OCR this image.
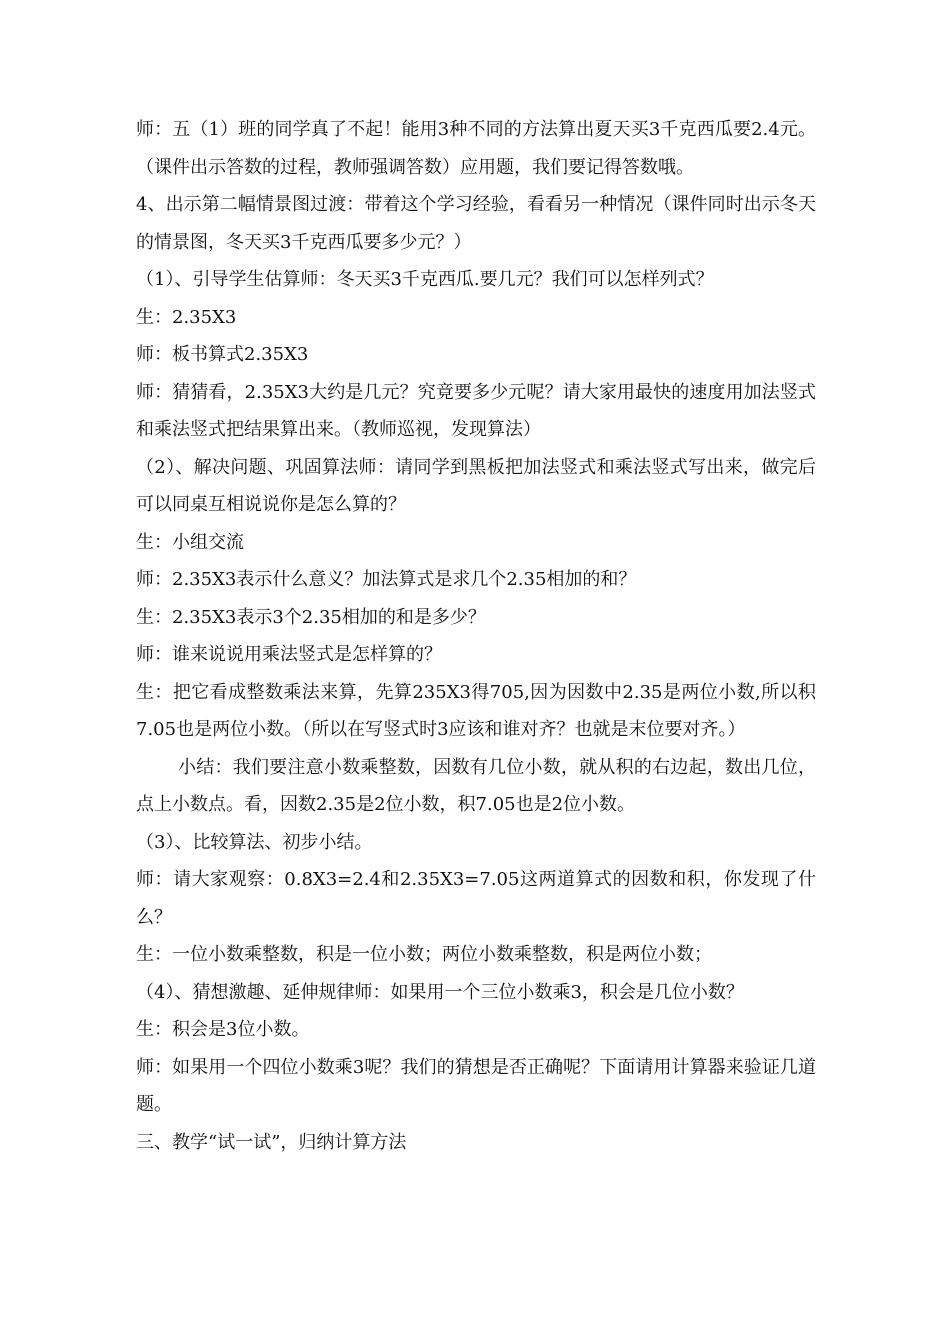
师：五（1）班的同学真了不起！能用3种不同的方法算出夏天买3千克西瓜要2.4元。（课件出示答数的过程，教师强调答数）应用题，我们要记得答数哦。

4、出示第二幅情景图过渡：带着这个学习经验，看看另一种情况（课件同时出示冬天的情景图，冬天买3千克西瓜要多少元？）

（1）、引导学生估算师：冬天买3千克西瓜.要几元？我们可以怎样列式？

生：2.35X3

师：板书算式2.35X3

师：猜猜看，2.35X3大约是几元？究竟要多少元呢？请大家用最快的速度用加法竖式和乘法竖式把结果算出来。（教师巡视，发现算法）

（2）、解决问题、巩固算法师：请同学到黑板把加法竖式和乘法竖式写出来，做完后可以同桌互相说说你是怎么算的？

生：小组交流

师：2.35X3表示什么意义？加法算式是求几个2.35相加的和？

生：2.35X3表示3个2.35相加的和是多少？

师：谁来说说用乘法竖式是怎样算的？

生：把它看成整数乘法来算，先算235X3得705,因为因数中2.35是两位小数,所以积7.05也是两位小数。（所以在写竖式时3应该和谁对齐？也就是末位要对齐。）

小结：我们要注意小数乘整数，因数有几位小数，就从积的右边起，数出几位，点上小数点。看，因数2.35是2位小数，积7.05也是2位小数。

（3）、比较算法、初步小结。

师：请大家观察：0.8X3=2.4和2.35X3=7.05这两道算式的因数和积，你发现了什么？

生：一位小数乘整数，积是一位小数；两位小数乘整数，积是两位小数；

（4）、猜想激趣、延伸规律师：如果用一个三位小数乘3，积会是几位小数？

生：积会是3位小数。

师：如果用一个四位小数乘3呢？我们的猜想是否正确呢？下面请用计算器来验证几道题。

三、教学“试一试”，归纳计算方法
